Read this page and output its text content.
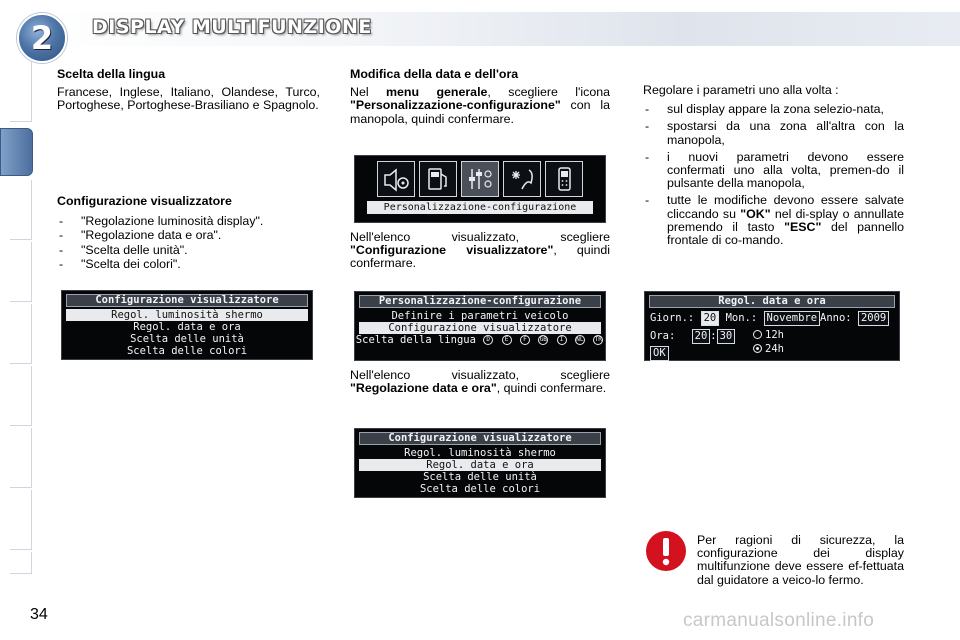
2 DISPLAY MULTIFUNZIONE
Scelta della lingua

Francese, Inglese, Italiano, Olandese, Turco, Portoghese, Portoghese-Brasiliano e Spagnolo.

Configurazione visualizzatore
- "Regolazione luminosità display".
- "Regolazione data e ora".
- "Scelta delle unità".
- "Scelta dei colori".
Configurazione visualizzatore
Regol. luminosità shermo
Regol. data e ora
Scelta delle unità
Scelta delle colori
Modifica della data e dell'ora

Nel menu generale, scegliere l'icona "Personalizzazione-configurazione" con la manopola, quindi confermare.

Personalizzazione-configurazione

Nell'elenco visualizzato, scegliere "Configurazione visualizzatore", quindi confermare.

Personalizzazione-configurazione
Definire i parametri veicolo
Configurazione visualizzatore
Scelta della lingua D E F GB I NL TR

Nell'elenco visualizzato, scegliere "Regolazione data e ora", quindi confermare.

Configurazione visualizzatore
Regol. luminosità shermo
Regol. data e ora
Scelta delle unità
Scelta delle colori

Regolare i parametri uno alla volta :

- sul display appare la zona selezio-nata,
- spostarsi da una zona all'altra con la manopola,
- i nuovi parametri devono essere confermati uno alla volta, premen-do il pulsante della manopola,
- tutte le modifiche devono essere salvate cliccando su "OK" nel di-splay o annullate premendo il tasto "ESC" del pannello frontale di co-mando.
Regol. data e ora
Giorn.: 20 Mon.: Novembre Anno: 2009
Ora: 20 : 30	12h
24h
OK

Per ragioni di sicurezza, la configurazione dei display multifunzione deve essere ef-fettuata dal guidatore a veico-lo fermo.

34	carmanualsonline.info
